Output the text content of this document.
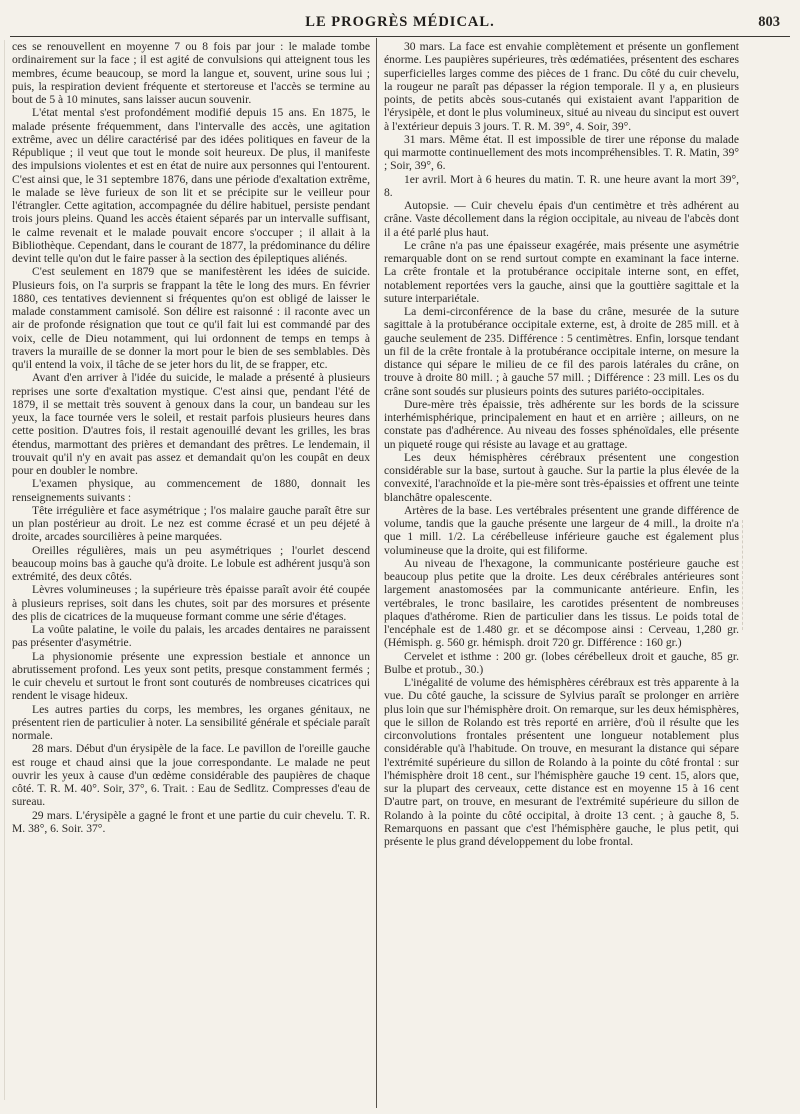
LE PROGRÈS MÉDICAL.	803

ces se renouvellent en moyenne 7 ou 8 fois par jour : le malade tombe ordinairement sur la face ; il est agité de convulsions qui atteignent tous les membres, écume beaucoup, se mord la langue et, souvent, urine sous lui ; puis, la respiration devient fréquente et stertoreuse et l'accès se termine au bout de 5 à 10 minutes, sans laisser aucun souvenir.

L'état mental s'est profondément modifié depuis 15 ans. En 1875, le malade présente fréquemment, dans l'intervalle des accès, une agitation extrême, avec un délire caractérisé par des idées politiques en faveur de la République ; il veut que tout le monde soit heureux. De plus, il manifeste des impulsions violentes et est en état de nuire aux personnes qui l'entourent. C'est ainsi que, le 31 septembre 1876, dans une période d'exaltation extrême, le malade se lève furieux de son lit et se précipite sur le veilleur pour l'étrangler. Cette agitation, accompagnée du délire habituel, persiste pendant trois jours pleins. Quand les accès étaient séparés par un intervalle suffisant, le calme revenait et le malade pouvait encore s'occuper ; il allait à la Bibliothèque. Cependant, dans le courant de 1877, la prédominance du délire devint telle qu'on dut le faire passer à la section des épileptiques aliénés.

C'est seulement en 1879 que se manifestèrent les idées de suicide. Plusieurs fois, on l'a surpris se frappant la tête le long des murs. En février 1880, ces tentatives deviennent si fréquentes qu'on est obligé de laisser le malade constamment camisolé. Son délire est raisonné : il raconte avec un air de profonde résignation que tout ce qu'il fait lui est commandé par des voix, celle de Dieu notamment, qui lui ordonnent de temps en temps à travers la muraille de se donner la mort pour le bien de ses semblables. Dès qu'il entend la voix, il tâche de se jeter hors du lit, de se frapper, etc.

Avant d'en arriver à l'idée du suicide, le malade a présenté à plusieurs reprises une sorte d'exaltation mystique. C'est ainsi que, pendant l'été de 1879, il se mettait très souvent à genoux dans la cour, un bandeau sur les yeux, la face tournée vers le soleil, et restait parfois plusieurs heures dans cette position. D'autres fois, il restait agenouillé devant les grilles, les bras étendus, marmottant des prières et demandant des prêtres. Le lendemain, il trouvait qu'il n'y en avait pas assez et demandait qu'on les coupât en deux pour en doubler le nombre.

L'examen physique, au commencement de 1880, donnait les renseignements suivants :

Tête irrégulière et face asymétrique ; l'os malaire gauche paraît être sur un plan postérieur au droit. Le nez est comme écrasé et un peu déjeté à droite, arcades sourcilières à peine marquées.

Oreilles régulières, mais un peu asymétriques ; l'ourlet descend beaucoup moins bas à gauche qu'à droite. Le lobule est adhérent jusqu'à son extrémité, des deux côtés.

Lèvres volumineuses ; la supérieure très épaisse paraît avoir été coupée à plusieurs reprises, soit dans les chutes, soit par des morsures et présente des plis de cicatrices de la muqueuse formant comme une série d'étages.

La voûte palatine, le voile du palais, les arcades dentaires ne paraissent pas présenter d'asymétrie.

La physionomie présente une expression bestiale et annonce un abrutissement profond. Les yeux sont petits, presque constamment fermés ; le cuir chevelu et surtout le front sont couturés de nombreuses cicatrices qui rendent le visage hideux.

Les autres parties du corps, les membres, les organes génitaux, ne présentent rien de particulier à noter. La sensibilité générale et spéciale paraît normale.

28 mars. Début d'un érysipèle de la face. Le pavillon de l'oreille gauche est rouge et chaud ainsi que la joue correspondante. Le malade ne peut ouvrir les yeux à cause d'un œdème considérable des paupières de chaque côté. T. R. M. 40°. Soir, 37°, 6. Trait. : Eau de Sedlitz. Compresses d'eau de sureau.

29 mars. L'érysipèle a gagné le front et une partie du cuir chevelu. T. R. M. 38°, 6. Soir. 37°.

30 mars. La face est envahie complètement et présente un gonflement énorme. Les paupières supérieures, très œdématiées, présentent des eschares superficielles larges comme des pièces de 1 franc. Du côté du cuir chevelu, la rougeur ne paraît pas dépasser la région temporale. Il y a, en plusieurs points, de petits abcès sous-cutanés qui existaient avant l'apparition de l'érysipèle, et dont le plus volumineux, situé au niveau du sinciput est ouvert à l'extérieur depuis 3 jours. T. R. M. 39°, 4. Soir, 39°.

31 mars. Même état. Il est impossible de tirer une réponse du malade qui marmotte continuellement des mots incompréhensibles. T. R. Matin, 39° ; Soir, 39°, 6.

1er avril. Mort à 6 heures du matin. T. R. une heure avant la mort 39°, 8.

Autopsie. — Cuir chevelu épais d'un centimètre et très adhérent au crâne. Vaste décollement dans la région occipitale, au niveau de l'abcès dont il a été parlé plus haut.

Le crâne n'a pas une épaisseur exagérée, mais présente une asymétrie remarquable dont on se rend surtout compte en examinant la face interne. La crête frontale et la protubérance occipitale interne sont, en effet, notablement reportées vers la gauche, ainsi que la gouttière sagittale et la suture interpariétale.

La demi-circonférence de la base du crâne, mesurée de la suture sagittale à la protubérance occipitale externe, est, à droite de 285 mill. et à gauche seulement de 235. Différence : 5 centimètres. Enfin, lorsque tendant un fil de la crête frontale à la protubérance occipitale interne, on mesure la distance qui sépare le milieu de ce fil des parois latérales du crâne, on trouve à droite 80 mill. ; à gauche 57 mill. ; Différence : 23 mill. Les os du crâne sont soudés sur plusieurs points des sutures pariéto-occipitales.

Dure-mère très épaissie, très adhérente sur les bords de la scissure interhémisphérique, principalement en haut et en arrière ; ailleurs, on ne constate pas d'adhérence. Au niveau des fosses sphénoïdales, elle présente un piqueté rouge qui résiste au lavage et au grattage.

Les deux hémisphères cérébraux présentent une congestion considérable sur la base, surtout à gauche. Sur la partie la plus élevée de la convexité, l'arachnoïde et la pie-mère sont très-épaissies et offrent une teinte blanchâtre opalescente.

Artères de la base. Les vertébrales présentent une grande différence de volume, tandis que la gauche présente une largeur de 4 mill., la droite n'a que 1 mill. 1/2. La cérébelleuse inférieure gauche est également plus volumineuse que la droite, qui est filiforme.

Au niveau de l'hexagone, la communicante postérieure gauche est beaucoup plus petite que la droite. Les deux cérébrales antérieures sont largement anastomosées par la communicante antérieure. Enfin, les vertébrales, le tronc basilaire, les carotides présentent de nombreuses plaques d'athérome. Rien de particulier dans les tissus. Le poids total de l'encéphale est de 1.480 gr. et se décompose ainsi : Cerveau, 1,280 gr. (Hémisph. g. 560 gr. hémisph. droit 720 gr. Différence : 160 gr.)

Cervelet et isthme : 200 gr. (lobes cérébelleux droit et gauche, 85 gr. Bulbe et protub., 30.)

L'inégalité de volume des hémisphères cérébraux est très apparente à la vue. Du côté gauche, la scissure de Sylvius paraît se prolonger en arrière plus loin que sur l'hémisphère droit. On remarque, sur les deux hémisphères, que le sillon de Rolando est très reporté en arrière, d'où il résulte que les circonvolutions frontales présentent une longueur notablement plus considérable qu'à l'habitude. On trouve, en mesurant la distance qui sépare l'extrémité supérieure du sillon de Rolando à la pointe du côté frontal : sur l'hémisphère droit 18 cent., sur l'hémisphère gauche 19 cent. 15, alors que, sur la plupart des cerveaux, cette distance est en moyenne 15 à 16 cent D'autre part, on trouve, en mesurant de l'extrémité supérieure du sillon de Rolando à la pointe du côté occipital, à droite 13 cent. ; à gauche 8, 5. Remarquons en passant que c'est l'hémisphère gauche, le plus petit, qui présente le plus grand développement du lobe frontal.
